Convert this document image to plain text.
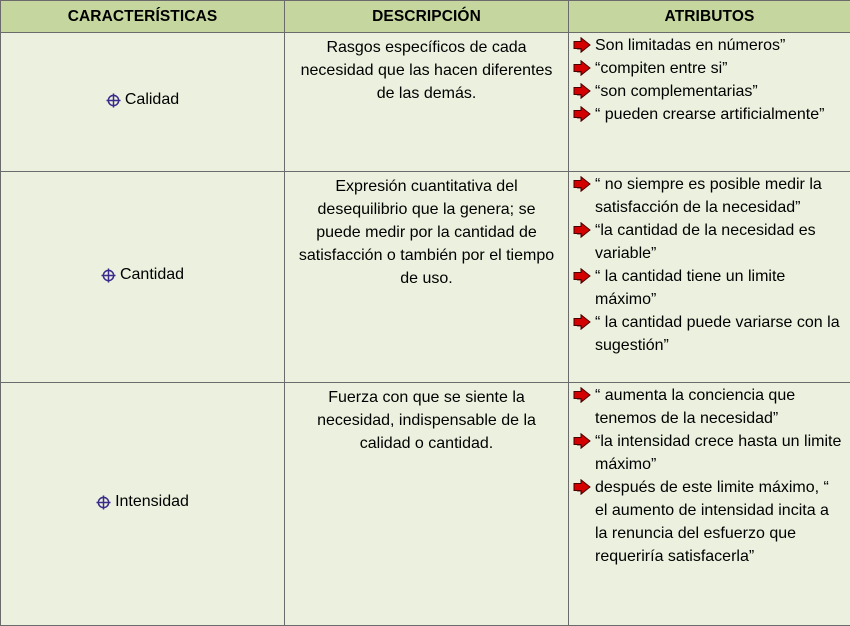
CARACTERÍSTICAS	DESCRIPCIÓN	ATRIBUTOS

Calidad	Rasgos específicos de cada necesidad que las hacen diferentes de las demás.	Son limitadas en números”
“compiten entre si”
“son complementarias”
“ pueden crearse artificialmente”

Cantidad	Expresión cuantitativa del desequilibrio que la genera; se puede medir por la cantidad de satisfacción o también por el tiempo de uso.	“ no siempre es posible medir la satisfacción de la necesidad”
“la cantidad de la necesidad es variable”
“ la cantidad tiene un limite máximo”
“ la cantidad puede variarse con la sugestión”

Intensidad	Fuerza con que se siente la necesidad, indispensable de la calidad o cantidad.	“ aumenta la conciencia que tenemos de la necesidad”
“la intensidad crece hasta un limite máximo”
después de este limite máximo, “ el aumento de intensidad incita a la renuncia del esfuerzo que requeriría satisfacerla”
